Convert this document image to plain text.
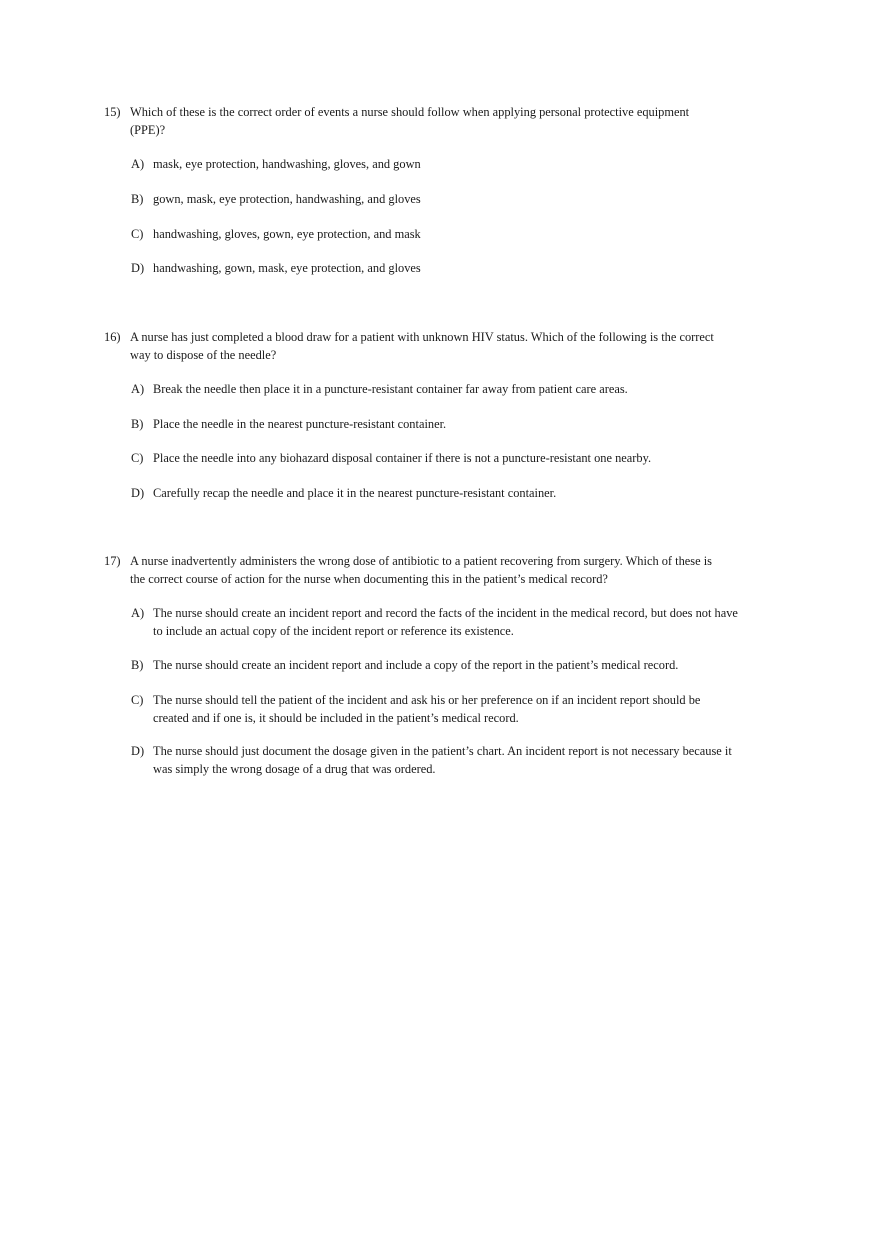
15) Which of these is the correct order of events a nurse should follow when applying personal protective equipment (PPE)?
A) mask, eye protection, handwashing, gloves, and gown
B) gown, mask, eye protection, handwashing, and gloves
C) handwashing, gloves, gown, eye protection, and mask
D) handwashing, gown, mask, eye protection, and gloves
16) A nurse has just completed a blood draw for a patient with unknown HIV status. Which of the following is the correct way to dispose of the needle?
A) Break the needle then place it in a puncture-resistant container far away from patient care areas.
B) Place the needle in the nearest puncture-resistant container.
C) Place the needle into any biohazard disposal container if there is not a puncture-resistant one nearby.
D) Carefully recap the needle and place it in the nearest puncture-resistant container.
17) A nurse inadvertently administers the wrong dose of antibiotic to a patient recovering from surgery. Which of these is the correct course of action for the nurse when documenting this in the patient’s medical record?
A) The nurse should create an incident report and record the facts of the incident in the medical record, but does not have to include an actual copy of the incident report or reference its existence.
B) The nurse should create an incident report and include a copy of the report in the patient’s medical record.
C) The nurse should tell the patient of the incident and ask his or her preference on if an incident report should be created and if one is, it should be included in the patient’s medical record.
D) The nurse should just document the dosage given in the patient’s chart. An incident report is not necessary because it was simply the wrong dosage of a drug that was ordered.
